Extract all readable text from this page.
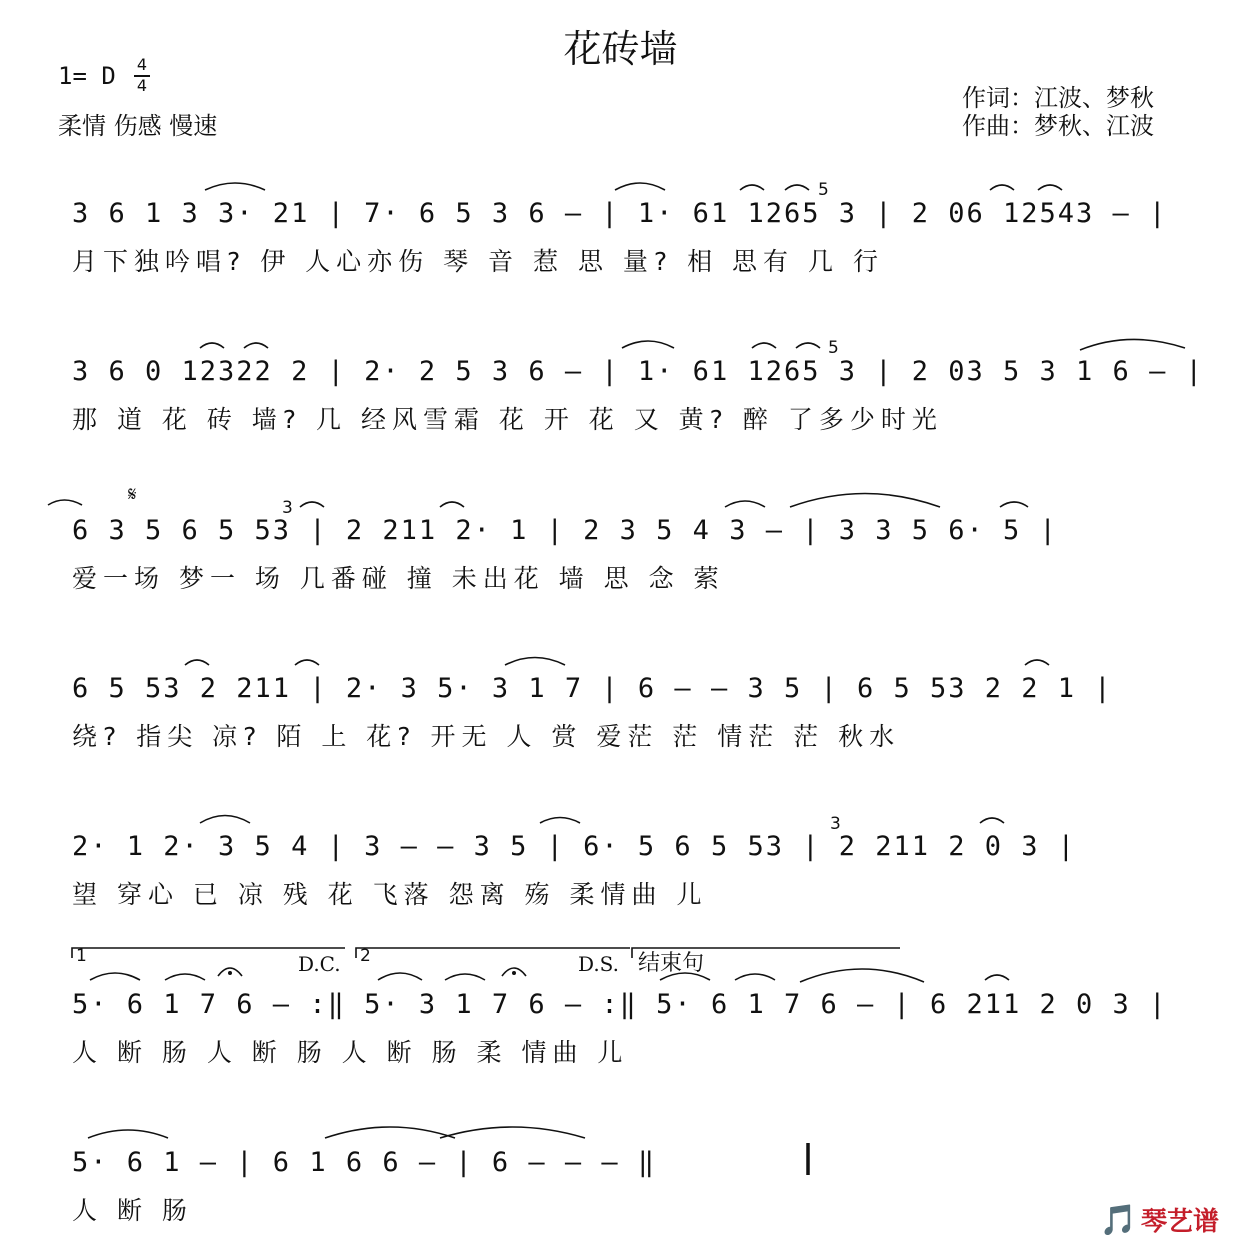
花砖墙
1= D	4
4
柔情 伤感 慢速
作词：江波、梦秋
作曲：梦秋、江波
3 6 1 3 3· 21 | 7· 6 5 3 6 – | 1· 61 1265 3 | 2 06 12543 – |
月下独吟唱? 伊 人心亦伤 琴 音 惹 思 量? 相 思有 几 行
3 6 0 12322 2 | 2· 2 5 3 6 – | 1· 61 1265 3 | 2 03 5 3 1 6 – |
那 道 花 砖 墙? 几 经风雪霜 花 开 花 又 黄? 醉 了多少时光
𝄋
6 3 5 6 5 53 | 2 211 2· 1 | 2 3 5 4 3 – | 3 3 5 6· 5 |
爱一场 梦一 场 几番碰 撞 未出花 墙 思 念 萦
6 5 53 2 211 | 2· 3 5· 3 1 7 | 6 – – 3 5 | 6 5 53 2 2 1 |
绕? 指尖 凉? 陌 上 花? 开无 人 赏 爱茫 茫 情茫 茫 秋水
2· 1 2· 3 5 4 | 3 – – 3 5 | 6· 5 6 5 53 | 2 211 2 0 3 |
望 穿心 已 凉 残 花 飞落 怨离 殇 柔情曲 儿
1	D.C. 2	D.S. 结束句
5· 6 1 7 6 – :‖ 5· 3 1 7 6 – :‖ 5· 6 1 7 6 – | 6 211 2 0 3 |
人 断 肠 人 断 肠 人 断 肠 柔 情曲 儿
5· 6 1 – | 6 1 6 6 – | 6 – – – ‖
人 断 肠
3
3
5
5
🎵 琴艺谱
